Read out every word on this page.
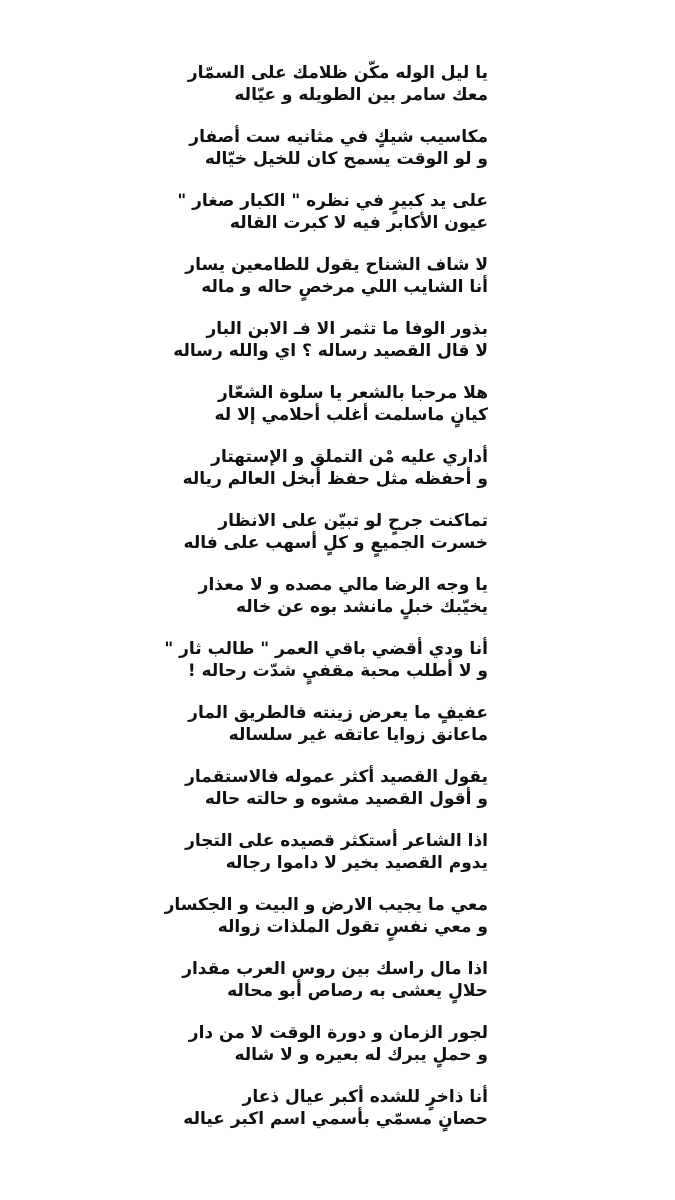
يا ليل الوله مكّن ظلامك على السمّار
معك سامر بين الطويله و عيّاله
مكاسيب شيكٍ في مثانيه ست أصفار
و لو الوقت يسمح كان للخيل خيّاله
على يد كبيرٍ في نظره " الكبار صغار "
عيون الأكابر فيه لا كبرت القاله
لا شاف الشناح يقول للطامعين يسار
أنا الشايب اللي مرخصٍ حاله و ماله
بذور الوفا ما تثمر الا فـ الابن البار
لا قال القصيد رساله ؟ اي والله رساله
هلا مرحبا بالشعر يا سلوة الشعّار
كيانٍ ماسلمت أغلب أحلامي إلا له
أداري عليه مْن التملق و الإستهتار
و أحفظه مثل حفظ أبخل العالم رياله
تماكنت جرحٍ لو تبيّن على الانظار
خسرت الجميعٍ و كلٍ أسهب على فاله
يا وجه الرضا مالي مصده و لا معذار
يخيّبك خبلٍ مانشد بوه عن خاله
أنا ودي أقضي باقي العمر " طالب ثار "
و لا أطلب محبة مقفيٍ شدّت رحاله !
عفيفٍ ما يعرض زينته فالطريق المار
ماعانق زوايا عاتقه غير سلساله
يقول القصيد أكثر عموله فالاستقمار
و أقول القصيد مشوه و حالته حاله
اذا الشاعر أستكثر قصيده على التجار
يدوم القصيد بخير لا داموا رجاله
معي ما يجيب الارض و البيت و الجكسار
و معي نفسٍ تقول الملذات زواله
اذا مال راسك بين روس العرب مقدار
حلالٍ يعشى به رصاص أبو محاله
لجور الزمان و دورة الوقت لا من دار
و حملٍ يبرك له بعيره و لا شاله
أنا ذاخرٍ للشده أكبر عيال ذعار
حصانٍ مسمّي بأسمي اسم اكبر عياله
